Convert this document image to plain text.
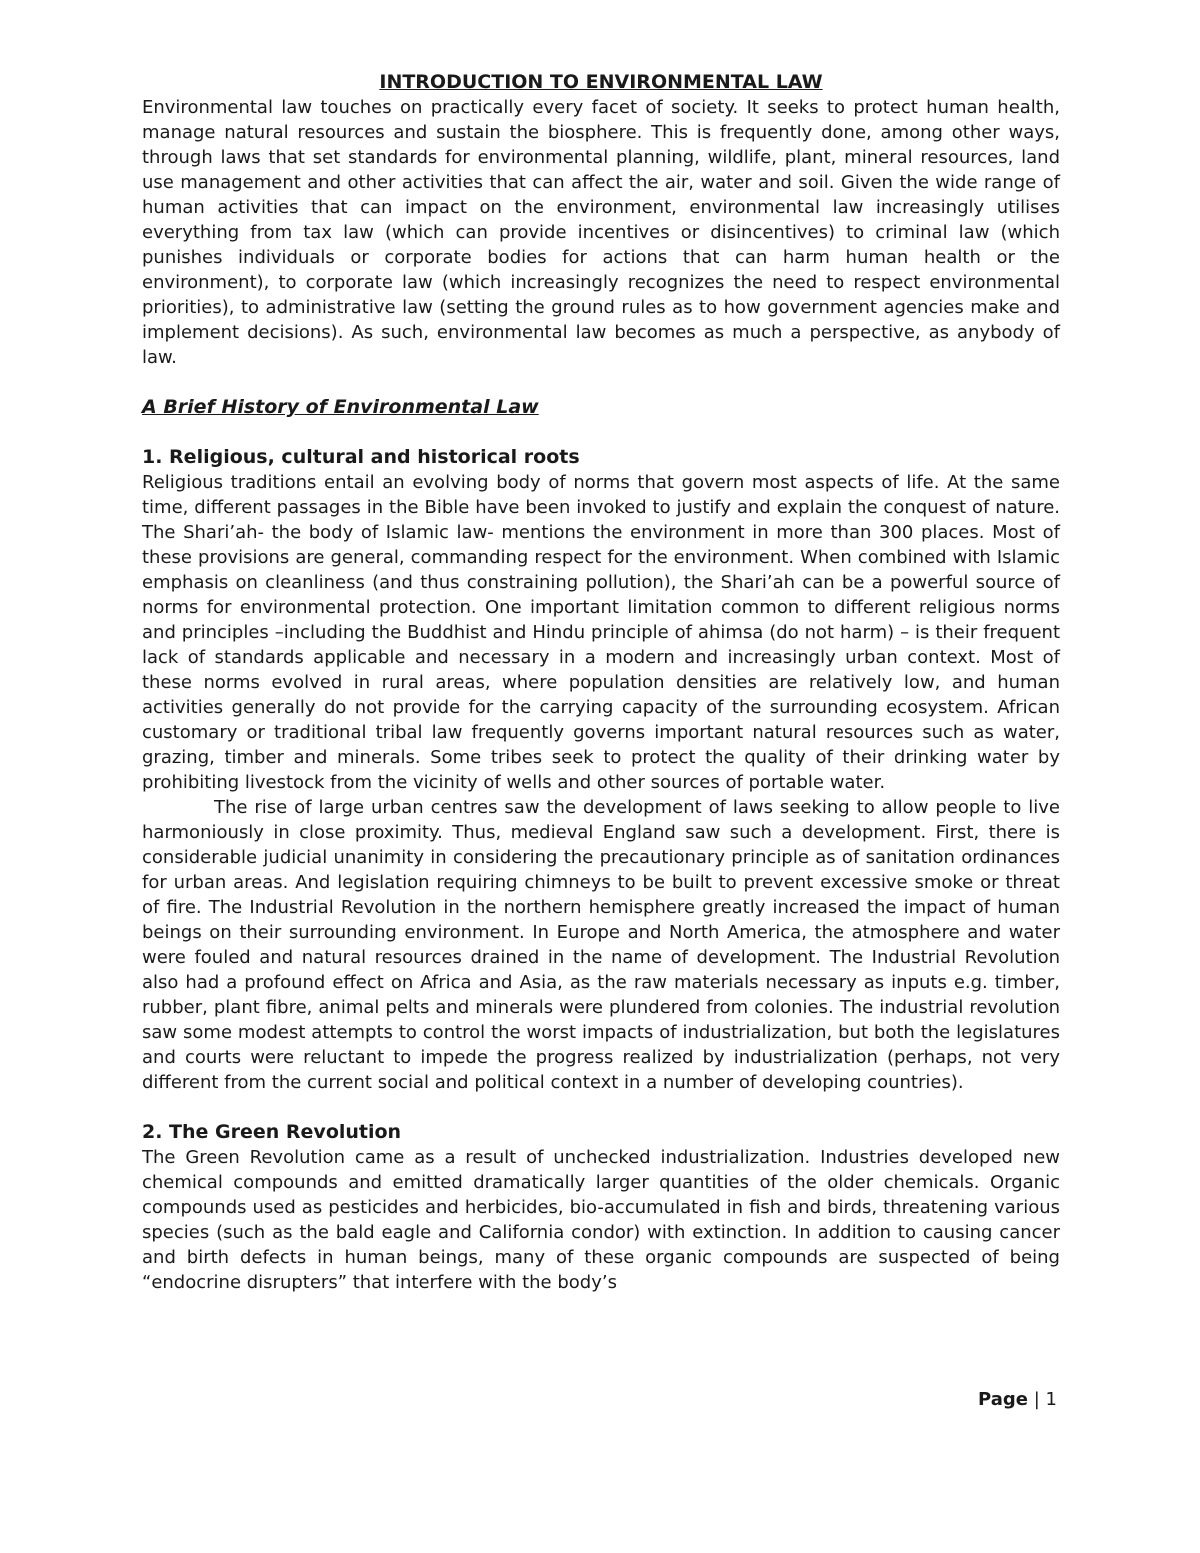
INTRODUCTION TO ENVIRONMENTAL LAW

Environmental law touches on practically every facet of society. It seeks to protect human health, manage natural resources and sustain the biosphere. This is frequently done, among other ways, through laws that set standards for environmental planning, wildlife, plant, mineral resources, land use management and other activities that can affect the air, water and soil. Given the wide range of human activities that can impact on the environment, environmental law increasingly utilises everything from tax law (which can provide incentives or disincentives) to criminal law (which punishes individuals or corporate bodies for actions that can harm human health or the environment), to corporate law (which increasingly recognizes the need to respect environmental priorities), to administrative law (setting the ground rules as to how government agencies make and implement decisions). As such, environmental law becomes as much a perspective, as anybody of law.

A Brief History of Environmental Law

1. Religious, cultural and historical roots

Religious traditions entail an evolving body of norms that govern most aspects of life. At the same time, different passages in the Bible have been invoked to justify and explain the conquest of nature. The Shari’ah- the body of Islamic law- mentions the environment in more than 300 places. Most of these provisions are general, commanding respect for the environment. When combined with Islamic emphasis on cleanliness (and thus constraining pollution), the Shari’ah can be a powerful source of norms for environmental protection. One important limitation common to different religious norms and principles –including the Buddhist and Hindu principle of ahimsa (do not harm) – is their frequent lack of standards applicable and necessary in a modern and increasingly urban context. Most of these norms evolved in rural areas, where population densities are relatively low, and human activities generally do not provide for the carrying capacity of the surrounding ecosystem. African customary or traditional tribal law frequently governs important natural resources such as water, grazing, timber and minerals. Some tribes seek to protect the quality of their drinking water by prohibiting livestock from the vicinity of wells and other sources of portable water.

The rise of large urban centres saw the development of laws seeking to allow people to live harmoniously in close proximity. Thus, medieval England saw such a development. First, there is considerable judicial unanimity in considering the precautionary principle as of sanitation ordinances for urban areas. And legislation requiring chimneys to be built to prevent excessive smoke or threat of fire. The Industrial Revolution in the northern hemisphere greatly increased the impact of human beings on their surrounding environment. In Europe and North America, the atmosphere and water were fouled and natural resources drained in the name of development. The Industrial Revolution also had a profound effect on Africa and Asia, as the raw materials necessary as inputs e.g. timber, rubber, plant fibre, animal pelts and minerals were plundered from colonies. The industrial revolution saw some modest attempts to control the worst impacts of industrialization, but both the legislatures and courts were reluctant to impede the progress realized by industrialization (perhaps, not very different from the current social and political context in a number of developing countries).

2. The Green Revolution

The Green Revolution came as a result of unchecked industrialization. Industries developed new chemical compounds and emitted dramatically larger quantities of the older chemicals. Organic compounds used as pesticides and herbicides, bio-accumulated in fish and birds, threatening various species (such as the bald eagle and California condor) with extinction. In addition to causing cancer and birth defects in human beings, many of these organic compounds are suspected of being “endocrine disrupters” that interfere with the body’s

Page | 1
